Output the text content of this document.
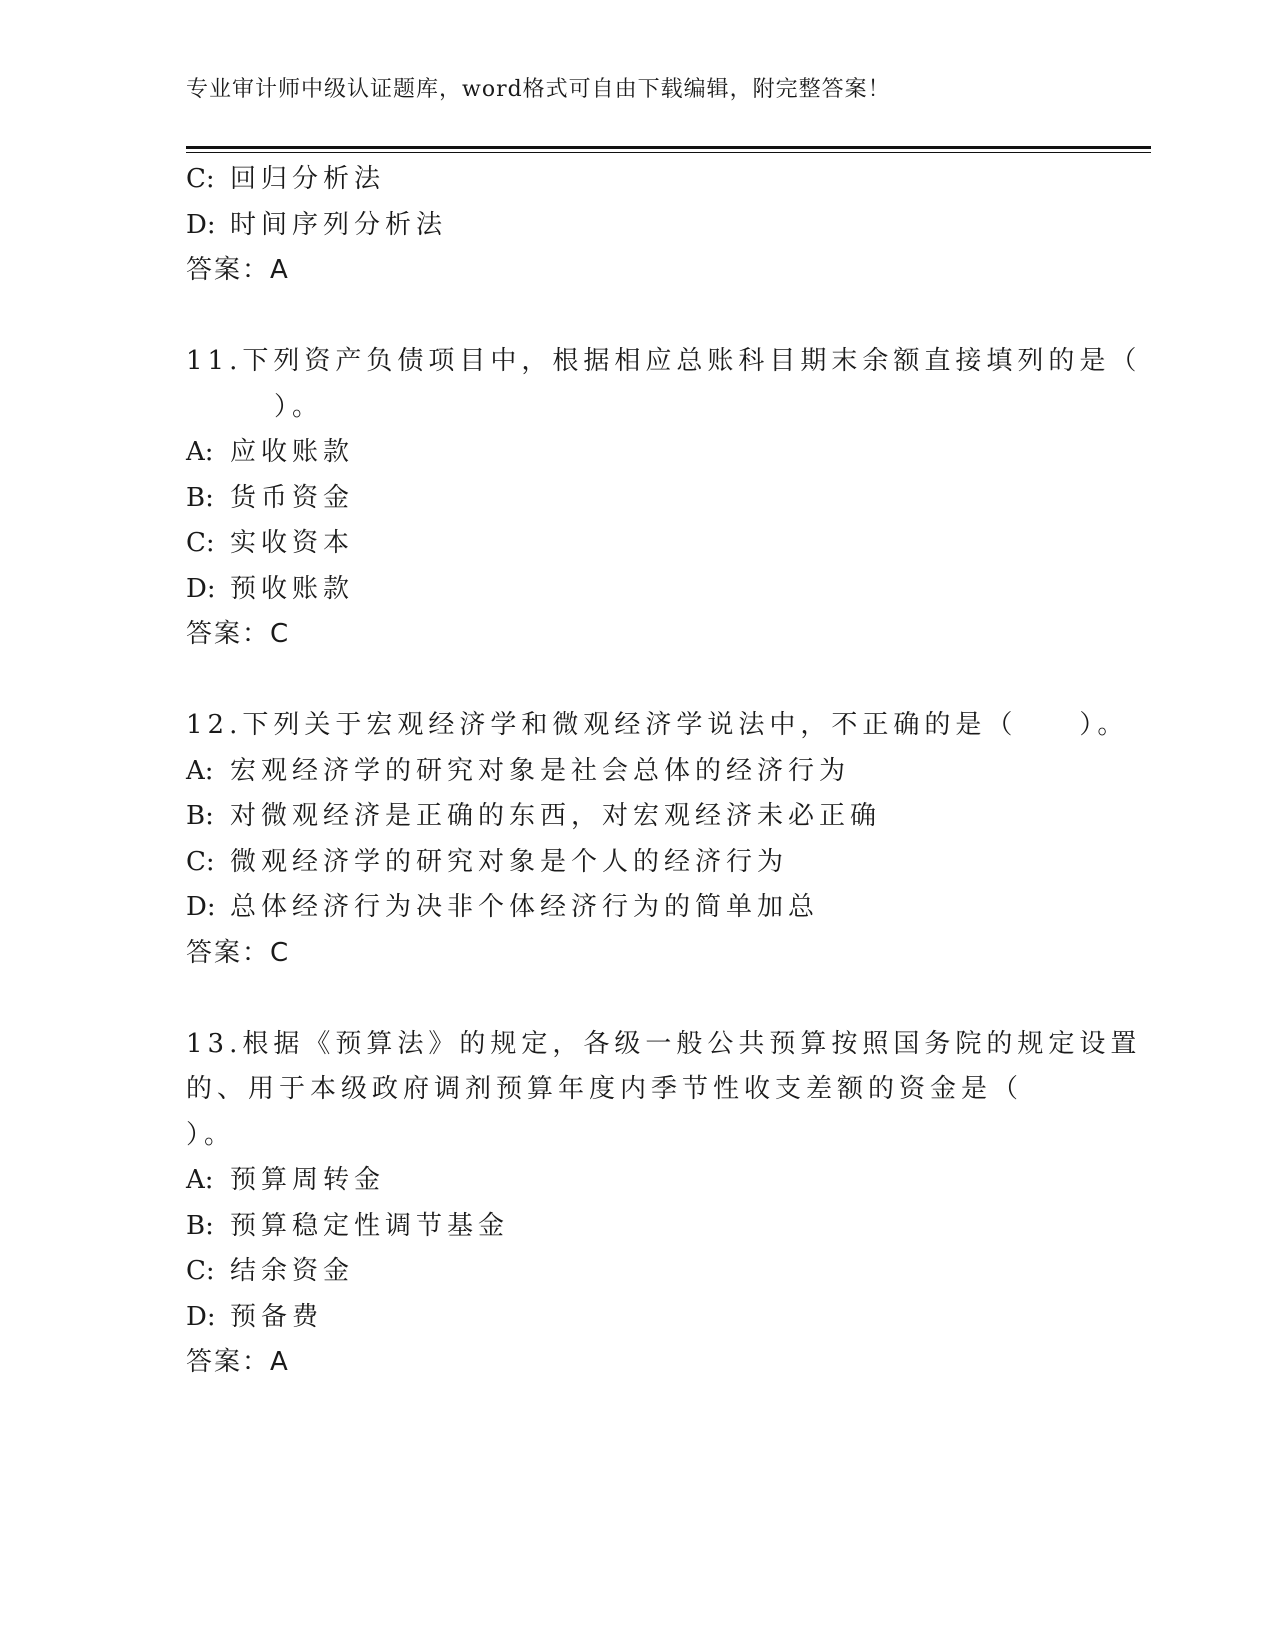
专业审计师中级认证题库，word格式可自由下载编辑，附完整答案！
C: 回归分析法
D: 时间序列分析法
答案：A
11.下列资产负债项目中，根据相应总账科目期末余额直接填列的是（
）。
A: 应收账款
B: 货币资金
C: 实收资本
D: 预收账款
答案：C
12.下列关于宏观经济学和微观经济学说法中，不正确的是（　　）。
A: 宏观经济学的研究对象是社会总体的经济行为
B: 对微观经济是正确的东西，对宏观经济未必正确
C: 微观经济学的研究对象是个人的经济行为
D: 总体经济行为决非个体经济行为的简单加总
答案：C
13.根据《预算法》的规定，各级一般公共预算按照国务院的规定设置
的、用于本级政府调剂预算年度内季节性收支差额的资金是（
）。
A: 预算周转金
B: 预算稳定性调节基金
C: 结余资金
D: 预备费
答案：A
